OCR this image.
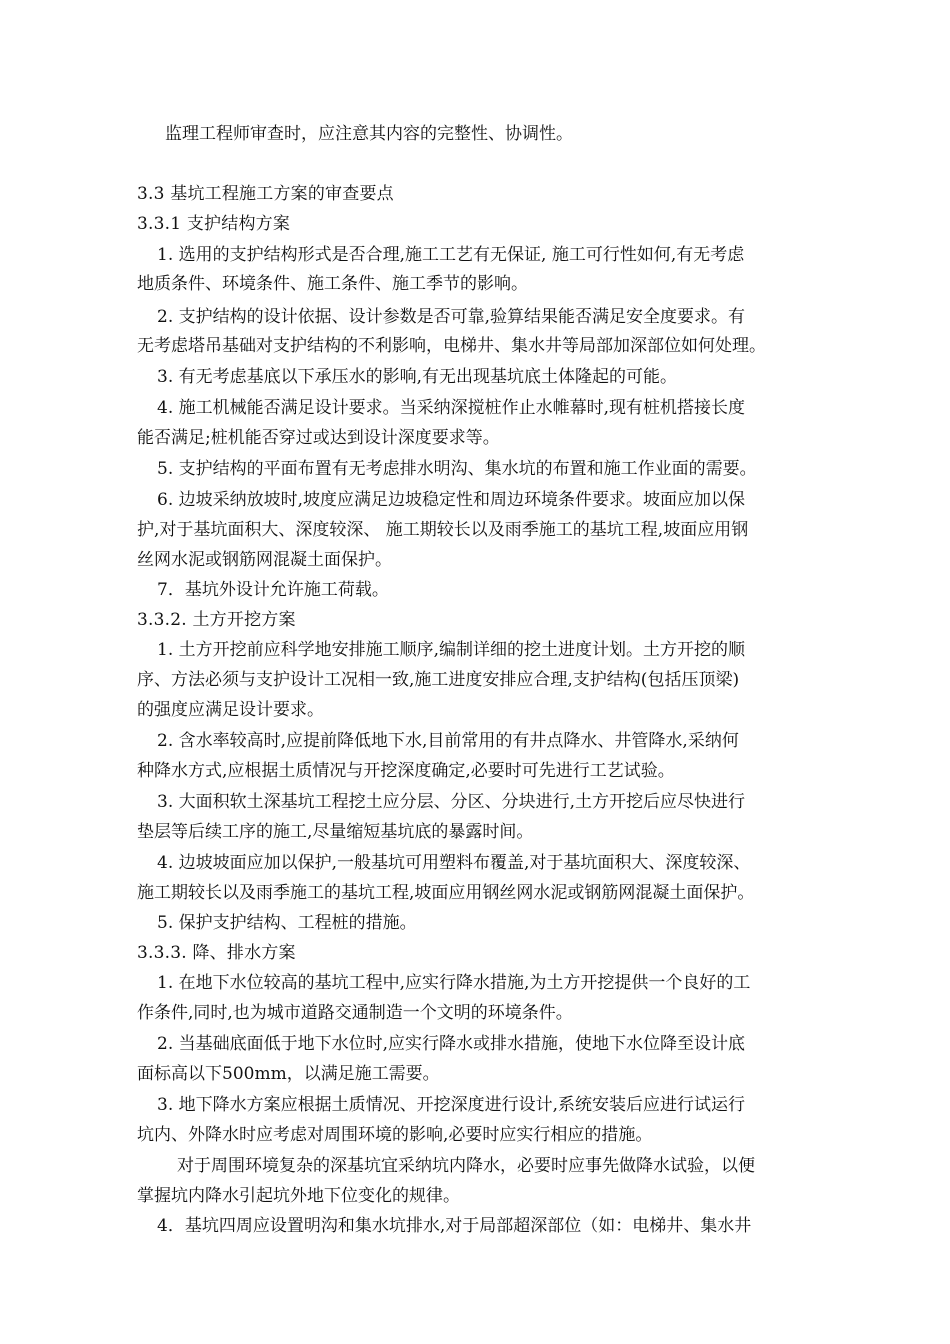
监理工程师审查时，应注意其内容的完整性、协调性。
3.3 基坑工程施工方案的审查要点
3.3.1 支护结构方案
1. 选用的支护结构形式是否合理,施工工艺有无保证, 施工可行性如何,有无考虑
地质条件、环境条件、施工条件、施工季节的影响。
2. 支护结构的设计依据、设计参数是否可靠,验算结果能否满足安全度要求。有
无考虑塔吊基础对支护结构的不利影响，电梯井、集水井等局部加深部位如何处理。
3. 有无考虑基底以下承压水的影响,有无出现基坑底土体隆起的可能。
4. 施工机械能否满足设计要求。当采纳深搅桩作止水帷幕时,现有桩机搭接长度
能否满足;桩机能否穿过或达到设计深度要求等。
5. 支护结构的平面布置有无考虑排水明沟、集水坑的布置和施工作业面的需要。
6. 边坡采纳放坡时,坡度应满足边坡稳定性和周边环境条件要求。坡面应加以保
护,对于基坑面积大、深度较深、 施工期较长以及雨季施工的基坑工程,坡面应用钢
丝网水泥或钢筋网混凝土面保护。
7．基坑外设计允许施工荷载。
3.3.2. 土方开挖方案
1. 土方开挖前应科学地安排施工顺序,编制详细的挖土进度计划。土方开挖的顺
序、方法必须与支护设计工况相一致,施工进度安排应合理,支护结构(包括压顶梁)
的强度应满足设计要求。
2. 含水率较高时,应提前降低地下水,目前常用的有井点降水、井管降水,采纳何
种降水方式,应根据土质情况与开挖深度确定,必要时可先进行工艺试验。
3. 大面积软土深基坑工程挖土应分层、分区、分块进行,土方开挖后应尽快进行
垫层等后续工序的施工,尽量缩短基坑底的暴露时间。
4. 边坡坡面应加以保护,一般基坑可用塑料布覆盖,对于基坑面积大、深度较深、
施工期较长以及雨季施工的基坑工程,坡面应用钢丝网水泥或钢筋网混凝土面保护。
5. 保护支护结构、工程桩的措施。
3.3.3. 降、排水方案
1. 在地下水位较高的基坑工程中,应实行降水措施,为土方开挖提供一个良好的工
作条件,同时,也为城市道路交通制造一个文明的环境条件。
2. 当基础底面低于地下水位时,应实行降水或排水措施，使地下水位降至设计底
面标高以下500mm，以满足施工需要。
3. 地下降水方案应根据土质情况、开挖深度进行设计,系统安装后应进行试运行
坑内、外降水时应考虑对周围环境的影响,必要时应实行相应的措施。
对于周围环境复杂的深基坑宜采纳坑内降水，必要时应事先做降水试验，以便
掌握坑内降水引起坑外地下位变化的规律。
4．基坑四周应设置明沟和集水坑排水,对于局部超深部位（如：电梯井、集水井
